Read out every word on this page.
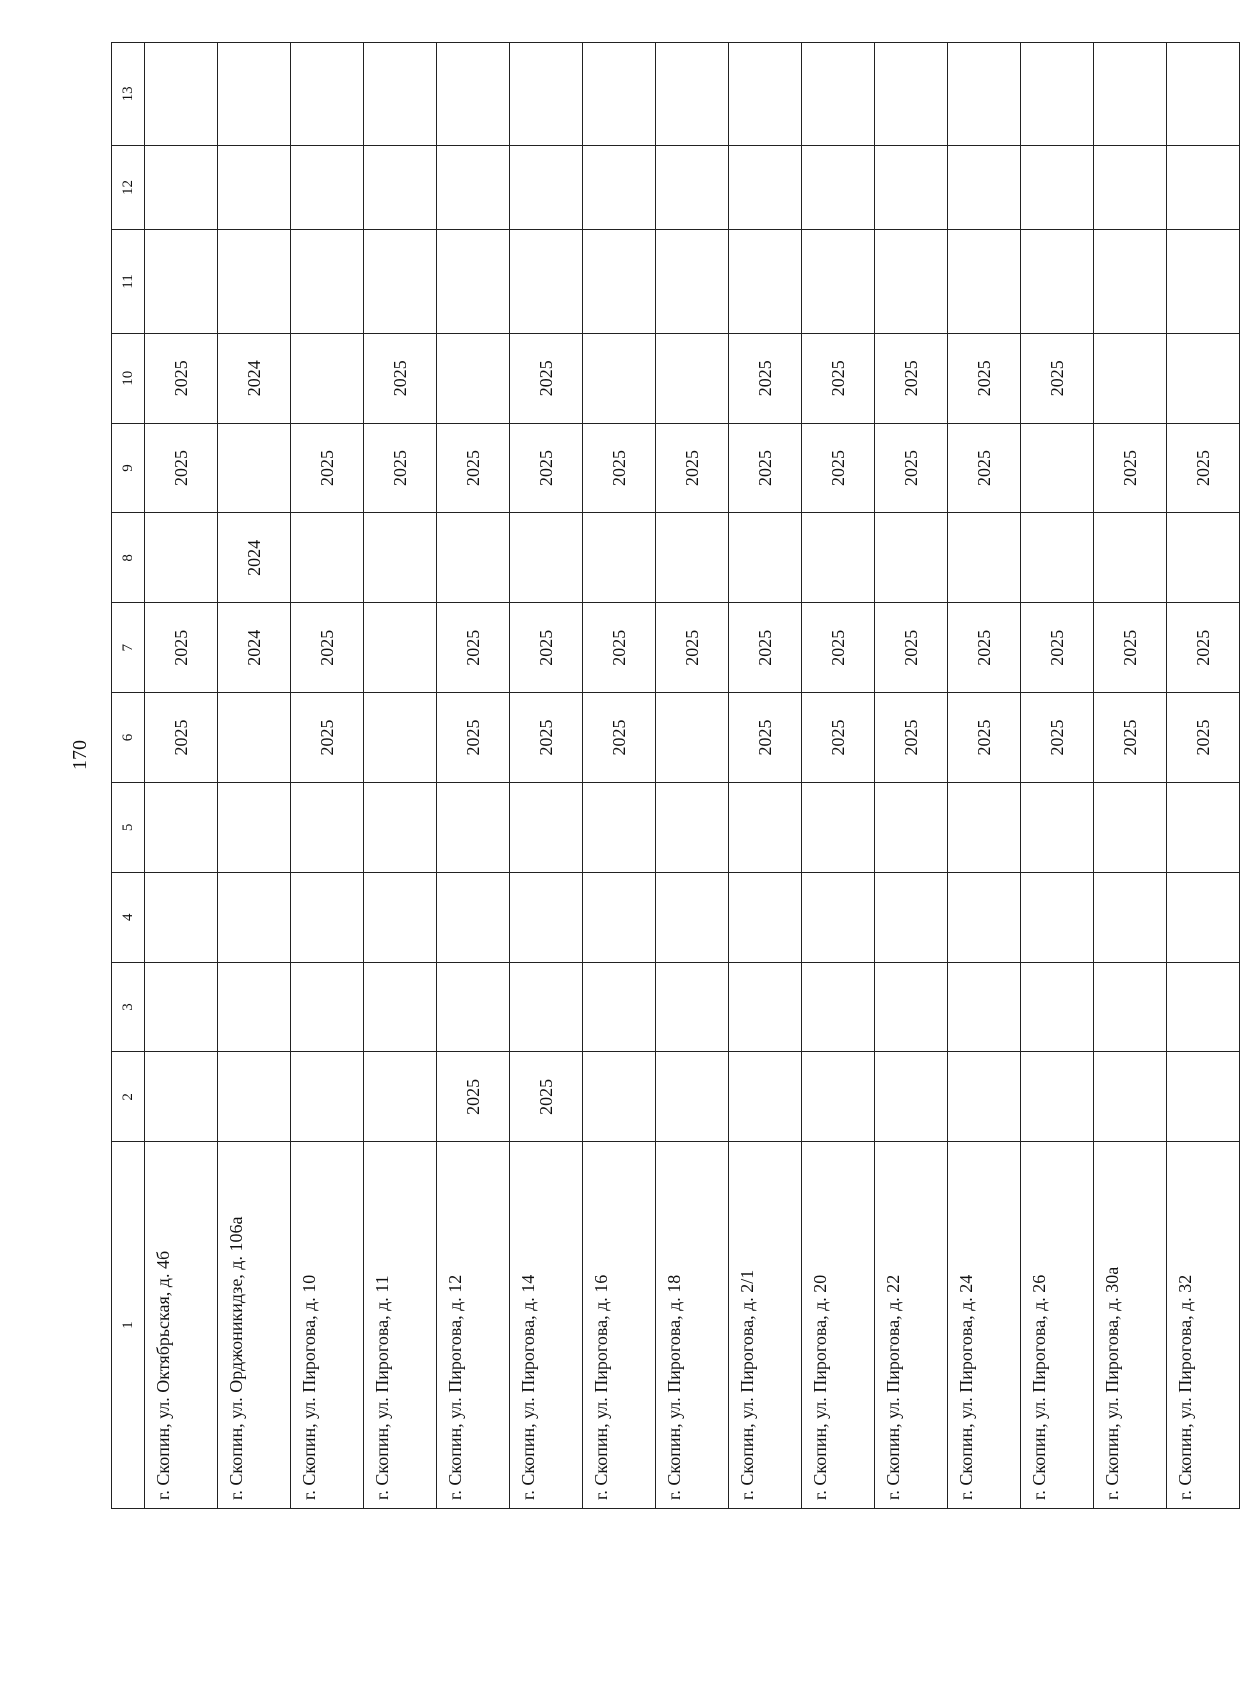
170
1	2	3	4	5	6	7	8	9	10	11	12	13
г. Скопин, ул. Октябрьская, д. 4б					2025	2025		2025	2025			
г. Скопин, ул. Орджоникидзе, д. 106а						2024	2024		2024			
г. Скопин, ул. Пирогова, д. 10					2025	2025		2025				
г. Скопин, ул. Пирогова, д. 11								2025	2025			
г. Скопин, ул. Пирогова, д. 12	2025				2025	2025		2025				
г. Скопин, ул. Пирогова, д. 14	2025				2025	2025		2025	2025			
г. Скопин, ул. Пирогова, д. 16					2025	2025		2025				
г. Скопин, ул. Пирогова, д. 18						2025		2025				
г. Скопин, ул. Пирогова, д. 2/1					2025	2025		2025	2025			
г. Скопин, ул. Пирогова, д. 20					2025	2025		2025	2025			
г. Скопин, ул. Пирогова, д. 22					2025	2025		2025	2025			
г. Скопин, ул. Пирогова, д. 24					2025	2025		2025	2025			
г. Скопин, ул. Пирогова, д. 26					2025	2025			2025			
г. Скопин, ул. Пирогова, д. 30а					2025	2025		2025				
г. Скопин, ул. Пирогова, д. 32					2025	2025		2025				
